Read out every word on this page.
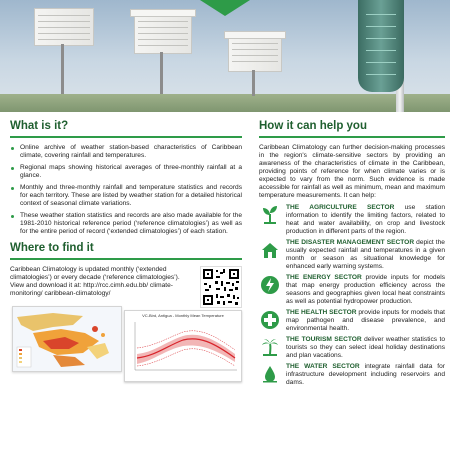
What is it?
Online archive of weather station-based characteristics of Caribbean climate, covering rainfall and temperatures.
Regional maps showing historical averages of three-monthly rainfall at a glance.
Monthly and three-monthly rainfall and temperature statistics and records for each territory. These are listed by weather station for a detailed historical context of seasonal climate variations.
These weather station statistics and records are also made available for the 1981-2010 historical reference period (‘reference climatologies’) as well as for the entire period of record (‘extended climatologies’) of each station.
Where to find it
Caribbean Climatology is updated monthly (‘extended climatologies’) or every decade (‘reference climatologies’). View and download it at: http://rcc.cimh.edu.bb/ climate-monitoring/ caribbean-climatology/
VC-Bird, Antigua - Monthly Mean Temperature
How it can help you
Caribbean Climatology can further decision-making processes in the region's climate-sensitive sectors by providing an awareness of the characteristics of climate in the Caribbean, providing points of reference for when climate varies or is expected to vary from the norm. Such evidence is made accessible for rainfall as well as minimum, mean and maximum temperature measurements. It can help:
THE AGRICULTURE SECTOR use station information to identify the limiting factors, related to heat and water availability, on crop and livestock production in different parts of the region.
THE DISASTER MANAGEMENT SECTOR depict the usually expected rainfall and temperatures in a given month or season as situational knowledge for enhanced early warning systems.
THE ENERGY SECTOR provide inputs for models that map energy production efficiency across the seasons and geographies given local heat constraints as well as potential hydropower production.
THE HEALTH SECTOR provide inputs for models that map pathogen and disease prevalence, and environmental health.
THE TOURISM SECTOR deliver weather statistics to tourists so they can select ideal holiday destinations and plan vacations.
THE WATER SECTOR integrate rainfall data for infrastructure development including reservoirs and dams.
